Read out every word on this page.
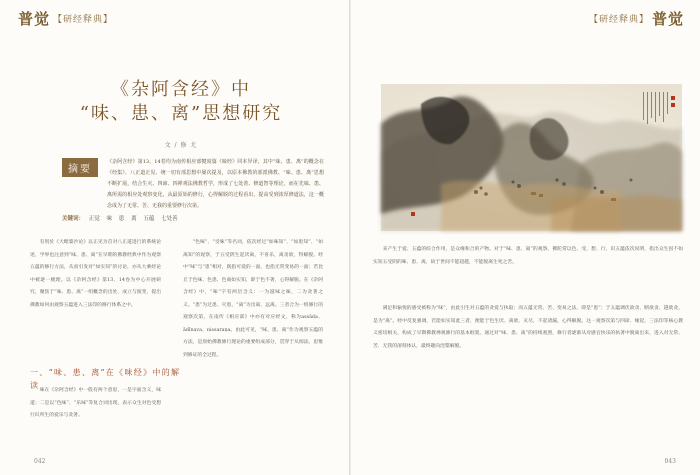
普觉 【研经释典】
《杂阿含经》中
“味、患、离”思想研究
文 / 修 尤
摘要
《杂阿含经》第13、14卷均为南传相应部犍度篇《味经》同本异译，其中“味、患、离”的概念在《经集》、八正道正见、统一切有部思想中屡次提及，以原本佛教的部派佛教、“味、患、离”思想不断扩展，结合生灭、四谛、四禅观法佛教哲学，形成了七处善、修道智等理论，而在先味、患、离所需的相应处观察变化，从最原始的修行，心得解脱的过程看出，提高受到浓厚修道法，这一概念成为了无常、苦、无我的重要修行次第。
关键词： 正觉 味 患 离 五蕴 七处善
有别於《大毗婆沙论》以正见为首对八正道进行的系统论述，学界也注意到“味、患、离”在早期的佛教经典中作为观察五蕴的修行方法，从而引发对“如实知”的讨论，亦从大乘经论中被逐一梳理。以《杂阿含经》第13、14卷为中心开展研究，聚焦于“味、患、离”一组概念的出处、成立与演变，提出佛教如何由观察五蕴进入三法印的修行体系之中。
一、“味、患、离”在《味经》中的解读
味在《杂阿含经》中一般有两个意思，一是字面含义，味道；二是以“色味”、“乐味”等复合词出现，表示众生对色受想行识所生的爱乐与贪著。
“色味”、“受味”等名词，依次经过“如味知”、“如患知”、“如离知”的观察，于五受阴生起厌离，不喜乐，离贪欲，得解脱。经中“味”与“患”相对，既指可爱的一面，也指无常变易的一面；若比丘于色味、色患、色离如实知，即于色不著，心得解脱。在《杂阿含经》中，“味”字有两层含义：一为滋味之味，二为贪著之义。“患”为过患、灾患，“离”为出离、远离。三者合为一组修行的观察次第，在南传《相应部》中亦有对应经文，称为assāda、ādīnava、nissaraṇa。由此可见，“味、患、离”作为观察五蕴的方法，是原始佛教修行理论的重要组成部分，贯穿于从闻法、思惟到修证的全过程。
042
【研经释典】 普觉
来产生于爱、五蕴的综合作用，是众缘和合的产物。对于“味、患、离”的观察，佛陀常以色、受、想、行、识五蕴依次说明，指出众生因不如实知五受阴的味、患、离，故于世间不能超越，不能脱离生死之苦。
满足和愉悦的感受被称为“味”，由此引生对五蕴的贪爱与执取；而五蕴无常、苦、变易之法，即是“患”；于五蕴调伏欲贪、断欲贪、越欲贪，是为“离”。经中反复强调，若能如实知此三者，便能于色生厌、离欲、灭尽，不起诸漏，心得解脱。这一观察次第与四谛、缘起、三法印等核心教义密切相关，构成了早期佛教禅观修行的基本框架。通过对“味、患、离”的持续观照，修行者逐渐从对感官快乐的执著中脱离出来，进入对无常、苦、无我的深刻体认，最终趣向涅槃解脱。
043
